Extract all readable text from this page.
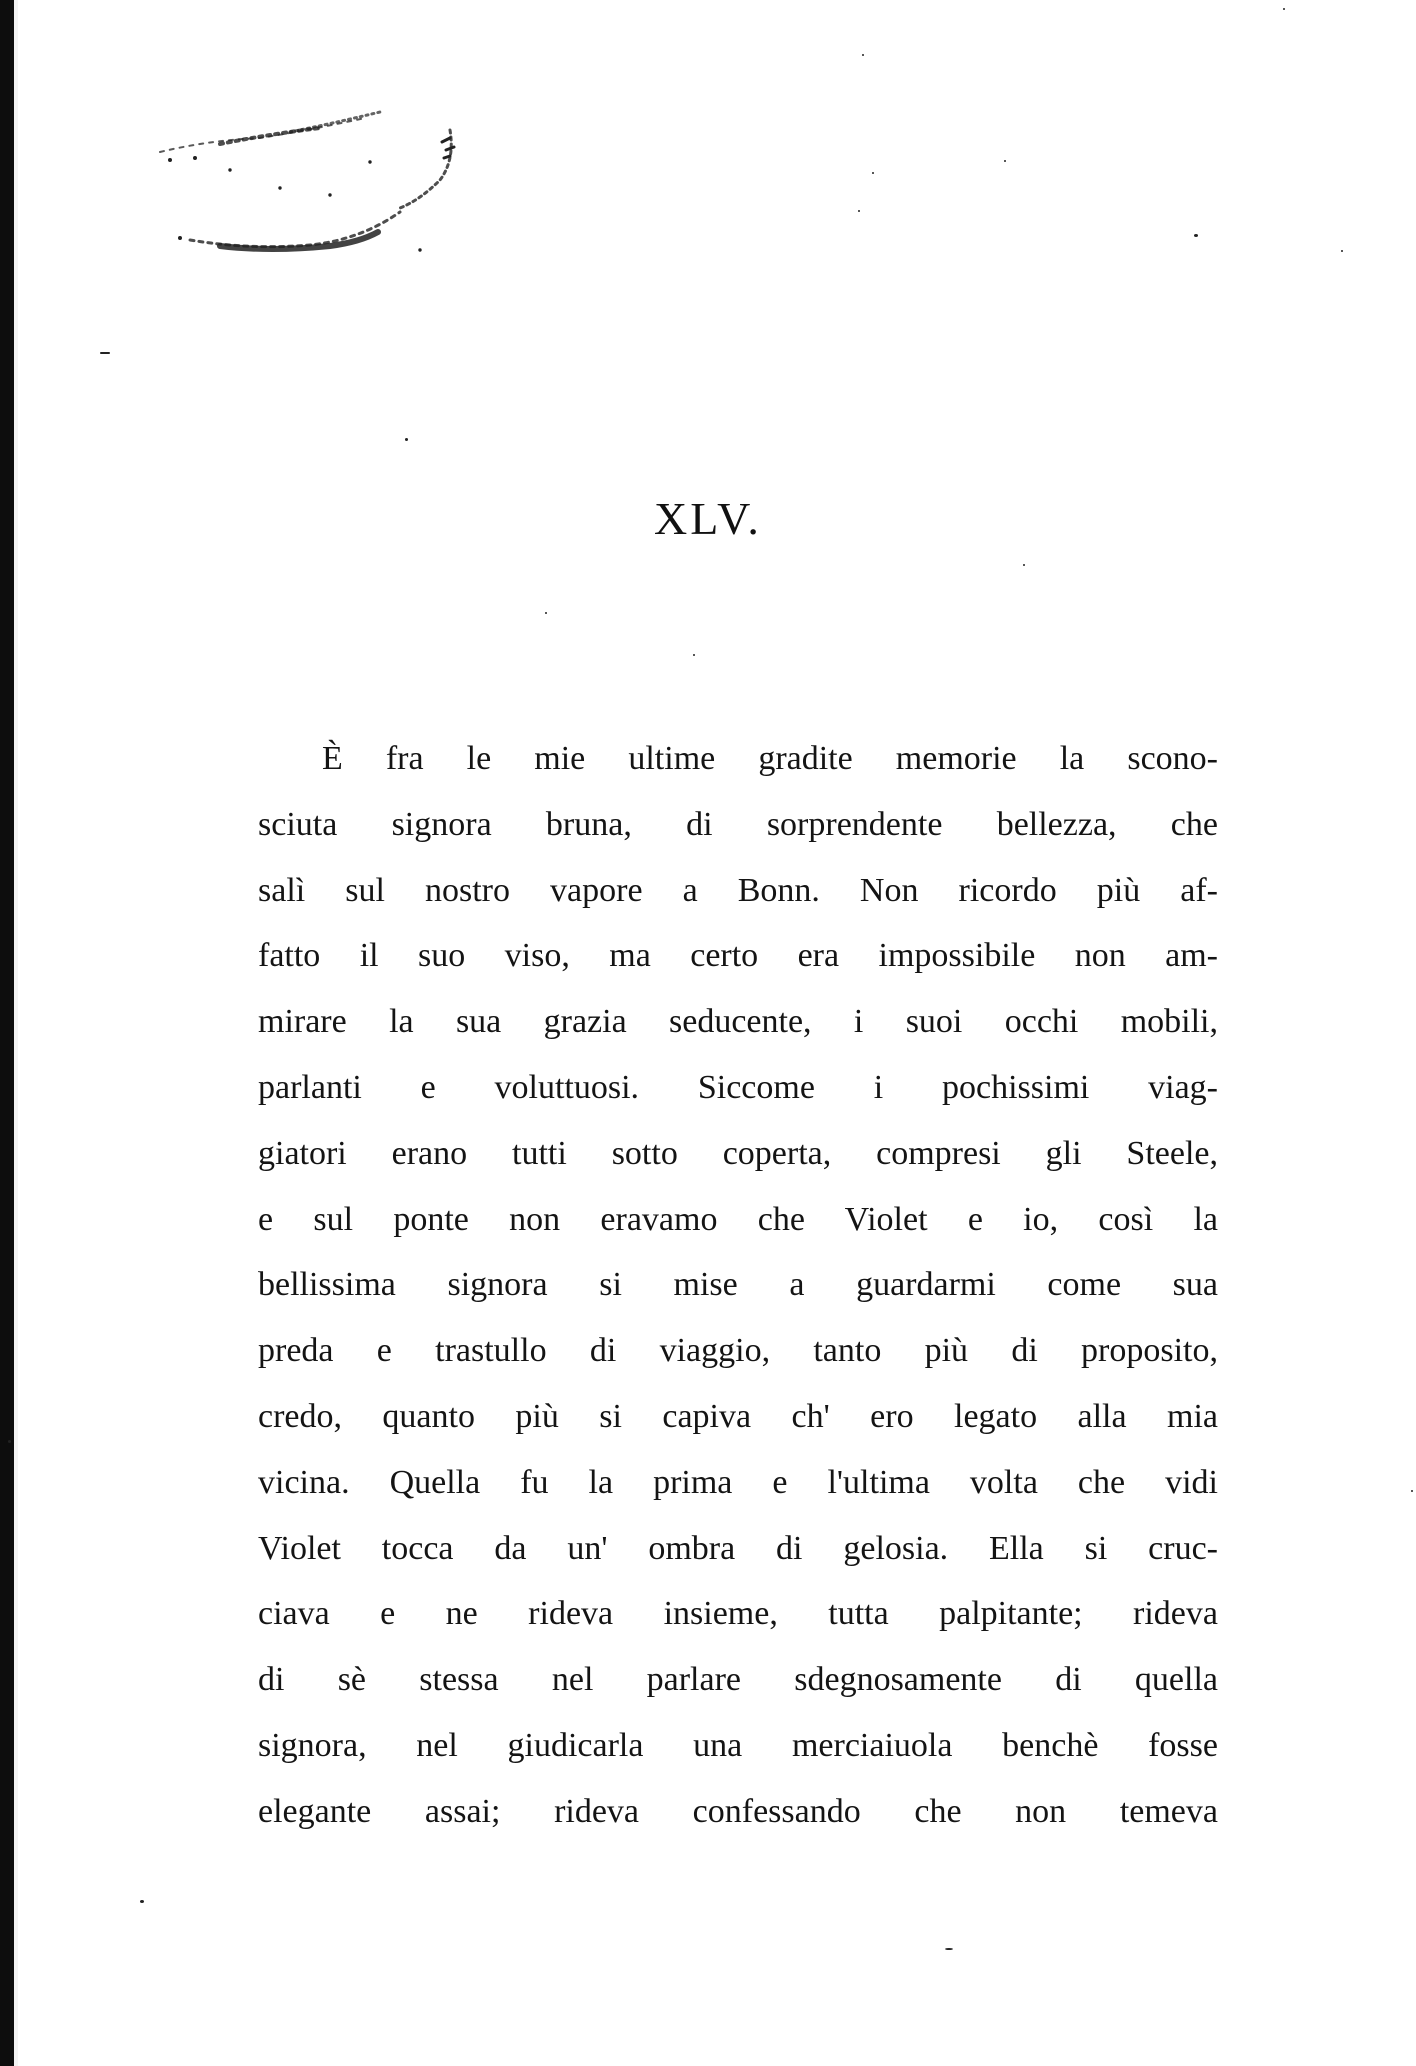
XLV.
È fra le mie ultime gradite memorie la scono-
sciuta signora bruna, di sorprendente bellezza, che
salì sul nostro vapore a Bonn. Non ricordo più af-
fatto il suo viso, ma certo era impossibile non am-
mirare la sua grazia seducente, i suoi occhi mobili,
parlanti e voluttuosi. Siccome i pochissimi viag-
giatori erano tutti sotto coperta, compresi gli Steele,
e sul ponte non eravamo che Violet e io, così la
bellissima signora si mise a guardarmi come sua
preda e trastullo di viaggio, tanto più di proposito,
credo, quanto più si capiva ch' ero legato alla mia
vicina. Quella fu la prima e l'ultima volta che vidi
Violet tocca da un' ombra di gelosia. Ella si cruc-
ciava e ne rideva insieme, tutta palpitante; rideva
di sè stessa nel parlare sdegnosamente di quella
signora, nel giudicarla una merciaiuola benchè fosse
elegante assai; rideva confessando che non temeva
